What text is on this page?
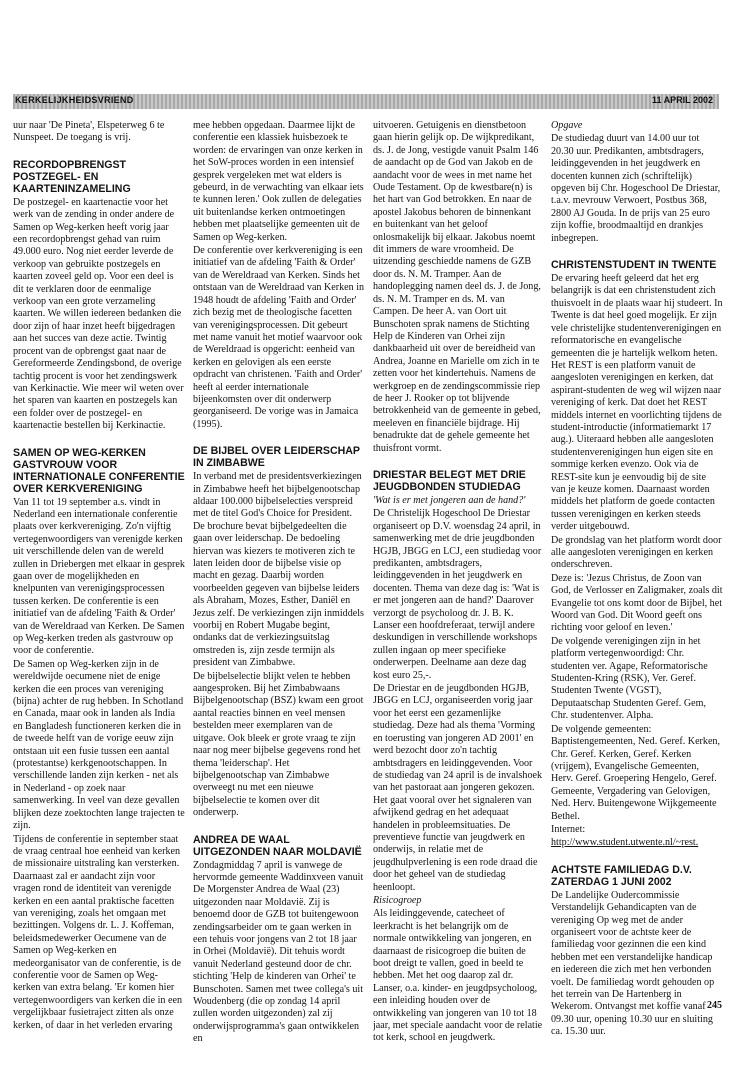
KERKELIJKHEIDSVRIEND	11 APRIL 2002

uur naar 'De Pineta', Elspeterweg 6 te Nunspeet. De toegang is vrij.

RECORDOPBRENGST POSTZEGEL- EN KAARTENINZAMELING

De postzegel- en kaartenactie voor het werk van de zending in onder andere de Samen op Weg-kerken heeft vorig jaar een recordopbrengst gehad van ruim 49.000 euro. Nog niet eerder leverde de verkoop van gebruikte postzegels en kaarten zoveel geld op. Voor een deel is dit te verklaren door de eenmalige verkoop van een grote verzameling kaarten. We willen iedereen bedanken die door zijn of haar inzet heeft bijgedragen aan het succes van deze actie. Twintig procent van de opbrengst gaat naar de Gereformeerde Zendingsbond, de overige tachtig procent is voor het zendingswerk van Kerkinactie. Wie meer wil weten over het sparen van kaarten en postzegels kan een folder over de postzegel- en kaartenactie bestellen bij Kerkinactie.

SAMEN OP WEG-KERKEN GASTVROUW VOOR INTERNATIONALE CONFERENTIE OVER KERKVERENIGING

Van 11 tot 19 september a.s. vindt in Nederland een internationale conferentie plaats over kerkvereniging. Zo'n vijftig vertegenwoordigers van verenigde kerken uit verschillende delen van de wereld zullen in Driebergen met elkaar in gesprek gaan over de mogelijkheden en knelpunten van verenigingsprocessen tussen kerken. De conferentie is een initiatief van de afdeling 'Faith & Order' van de Wereldraad van Kerken. De Samen op Weg-kerken treden als gastvrouw op voor de conferentie.

De Samen op Weg-kerken zijn in de wereldwijde oecumene niet de enige kerken die een proces van vereniging (bijna) achter de rug hebben. In Schotland en Canada, maar ook in landen als India en Bangladesh functioneren kerken die in de tweede helft van de vorige eeuw zijn ontstaan uit een fusie tussen een aantal (protestantse) kerkgenootschappen. In verschillende landen zijn kerken - net als in Nederland - op zoek naar samenwerking. In veel van deze gevallen blijken deze zoektochten lange trajecten te zijn.

Tijdens de conferentie in september staat de vraag centraal hoe eenheid van kerken de missionaire uitstraling kan versterken. Daarnaast zal er aandacht zijn voor vragen rond de identiteit van verenigde kerken en een aantal praktische facetten van vereniging, zoals het omgaan met bezittingen. Volgens dr. L. J. Koffeman, beleidsmedewerker Oecumene van de Samen op Weg-kerken en medeorganisator van de conferentie, is de conferentie voor de Samen op Weg-kerken van extra belang. 'Er komen hier vertegenwoordigers van kerken die in een vergelijkbaar fusietraject zitten als onze kerken, of daar in het verleden ervaring

mee hebben opgedaan. Daarmee lijkt de conferentie een klassiek huisbezoek te worden: de ervaringen van onze kerken in het SoW-proces worden in een intensief gesprek vergeleken met wat elders is gebeurd, in de verwachting van elkaar iets te kunnen leren.' Ook zullen de delegaties uit buitenlandse kerken ontmoetingen hebben met plaatselijke gemeenten uit de Samen op Weg-kerken.

De conferentie over kerkvereniging is een initiatief van de afdeling 'Faith & Order' van de Wereldraad van Kerken. Sinds het ontstaan van de Wereldraad van Kerken in 1948 houdt de afdeling 'Faith and Order' zich bezig met de theologische facetten van verenigingsprocessen. Dit gebeurt met name vanuit het motief waarvoor ook de Wereldraad is opgericht: eenheid van kerken en gelovigen als een eerste opdracht van christenen. 'Faith and Order' heeft al eerder internationale bijeenkomsten over dit onderwerp georganiseerd. De vorige was in Jamaica (1995).

DE BIJBEL OVER LEIDERSCHAP IN ZIMBABWE

In verband met de presidentsverkiezingen in Zimbabwe heeft het bijbelgenootschap aldaar 100.000 bijbelselecties verspreid met de titel God's Choice for President. De brochure bevat bijbelgedeelten die gaan over leiderschap. De bedoeling hiervan was kiezers te motiveren zich te laten leiden door de bijbelse visie op macht en gezag. Daarbij worden voorbeelden gegeven van bijbelse leiders als Abraham, Mozes, Esther, Daniël en Jezus zelf. De verkiezingen zijn inmiddels voorbij en Robert Mugabe begint, ondanks dat de verkiezingsuitslag omstreden is, zijn zesde termijn als president van Zimbabwe.

De bijbelselectie blijkt velen te hebben aangesproken. Bij het Zimbabwaans Bijbelgenootschap (BSZ) kwam een groot aantal reacties binnen en veel mensen bestelden meer exemplaren van de uitgave. Ook bleek er grote vraag te zijn naar nog meer bijbelse gegevens rond het thema 'leiderschap'. Het bijbelgenootschap van Zimbabwe overweegt nu met een nieuwe bijbelselectie te komen over dit onderwerp.

ANDREA DE WAAL UITGEZONDEN NAAR MOLDAVIË

Zondagmiddag 7 april is vanwege de hervormde gemeente Waddinxveen vanuit De Morgenster Andrea de Waal (23) uitgezonden naar Moldavië. Zij is benoemd door de GZB tot buitengewoon zendingsarbeider om te gaan werken in een tehuis voor jongens van 2 tot 18 jaar in Orhei (Moldavië). Dit tehuis wordt vanuit Nederland gesteund door de chr. stichting 'Help de kinderen van Orhei' te Bunschoten. Samen met twee collega's uit Woudenberg (die op zondag 14 april zullen worden uitgezonden) zal zij onderwijsprogramma's gaan ontwikkelen en

uitvoeren. Getuigenis en dienstbetoon gaan hierin gelijk op. De wijkpredikant, ds. J. de Jong, vestigde vanuit Psalm 146 de aandacht op de God van Jakob en de aandacht voor de wees in met name het Oude Testament. Op de kwestbare(n) is het hart van God betrokken. En naar de apostel Jakobus behoren de binnenkant en buitenkant van het geloof onlosmakelijk bij elkaar. Jakobus noemt dit immers de ware vroomheid. De uitzending geschiedde namens de GZB door ds. N. M. Tramper. Aan de handoplegging namen deel ds. J. de Jong, ds. N. M. Tramper en ds. M. van Campen. De heer A. van Oort uit Bunschoten sprak namens de Stichting Help de Kinderen van Orhei zijn dankbaarheid uit over de bereidheid van Andrea, Joanne en Marielle om zich in te zetten voor het kindertehuis. Namens de werkgroep en de zendingscommissie riep de heer J. Rooker op tot blijvende betrokkenheid van de gemeente in gebed, meeleven en financiële bijdrage. Hij benadrukte dat de gehele gemeente het thuisfront vormt.

DRIESTAR BELEGT MET DRIE JEUGDBONDEN STUDIEDAG

'Wat is er met jongeren aan de hand?'

De Christelijk Hogeschool De Driestar organiseert op D.V. woensdag 24 april, in samenwerking met de drie jeugdbonden HGJB, JBGG en LCJ, een studiedag voor predikanten, ambtsdragers, leidinggevenden in het jeugdwerk en docenten. Thema van deze dag is: 'Wat is er met jongeren aan de hand?' Daarover verzorgt de psycholoog dr. J. B. K. Lanser een hoofdreferaat, terwijl andere deskundigen in verschillende workshops zullen ingaan op meer specifieke onderwerpen. Deelname aan deze dag kost euro 25,-.

De Driestar en de jeugdbonden HGJB, JBGG en LCJ, organiseerden vorig jaar voor het eerst een gezamenlijke studiedag. Deze had als thema 'Vorming en toerusting van jongeren AD 2001' en werd bezocht door zo'n tachtig ambtsdragers en leidinggevenden. Voor de studiedag van 24 april is de invalshoek van het pastoraat aan jongeren gekozen. Het gaat vooral over het signaleren van afwijkend gedrag en het adequaat handelen in probleemsituaties. De preventieve functie van jeugdwerk en onderwijs, in relatie met de jeugdhulpverlening is een rode draad die door het geheel van de studiedag heenloopt.

Risicogroep

Als leidinggevende, catecheet of leerkracht is het belangrijk om de normale ontwikkeling van jongeren, en daarnaast de risicogroep die buiten de boot dreigt te vallen, goed in beeld te hebben. Met het oog daarop zal dr. Lanser, o.a. kinder- en jeugdpsycholoog, een inleiding houden over de ontwikkeling van jongeren van 10 tot 18 jaar, met speciale aandacht voor de relatie tot kerk, school en jeugdwerk.

Opgave

De studiedag duurt van 14.00 uur tot 20.30 uur. Predikanten, ambtsdragers, leidinggevenden in het jeugdwerk en docenten kunnen zich (schriftelijk) opgeven bij Chr. Hogeschool De Driestar, t.a.v. mevrouw Verwoert, Postbus 368, 2800 AJ Gouda. In de prijs van 25 euro zijn koffie, broodmaaltijd en drankjes inbegrepen.

CHRISTENSTUDENT IN TWENTE

De ervaring heeft geleerd dat het erg belangrijk is dat een christenstudent zich thuisvoelt in de plaats waar hij studeert. In Twente is dat heel goed mogelijk. Er zijn vele christelijke studentenverenigingen en reformatorische en evangelische gemeenten die je hartelijk welkom heten. Het REST is een platform vanuit de aangesloten verenigingen en kerken, dat aspirant-studenten de weg wil wijzen naar vereniging of kerk. Dat doet het REST middels internet en voorlichting tijdens de student-introductie (informatiemarkt 17 aug.). Uiteraard hebben alle aangesloten studentenverenigingen hun eigen site en sommige kerken evenzo. Ook via de REST-site kun je eenvoudig bij de site van je keuze komen. Daarnaast worden middels het platform de goede contacten tussen verenigingen en kerken steeds verder uitgebouwd.

De grondslag van het platform wordt door alle aangesloten verenigingen en kerken onderschreven.

Deze is: 'Jezus Christus, de Zoon van God, de Verlosser en Zaligmaker, zoals dit Evangelie tot ons komt door de Bijbel, het Woord van God. Dit Woord geeft ons richting voor geloof en leven.'

De volgende verenigingen zijn in het platform vertegenwoordigd: Chr. studenten ver. Agape, Reformatorische Studenten-Kring (RSK), Ver. Geref. Studenten Twente (VGST), Deputaatschap Studenten Geref. Gem, Chr. studentenver. Alpha.

De volgende gemeenten: Baptistengemeenten, Ned. Geref. Kerken, Chr. Geref. Kerken, Geref. Kerken (vrijgem), Evangelische Gemeenten, Herv. Geref. Groepering Hengelo, Geref. Gemeente, Vergadering van Gelovigen, Ned. Herv. Buitengewone Wijkgemeente Bethel.

Internet:

http://www.student.utwente.nl/~rest.

ACHTSTE FAMILIEDAG D.V. ZATERDAG 1 JUNI 2002

De Landelijke Oudercommissie Verstandelijk Gehandicapten van de vereniging Op weg met de ander organiseert voor de achtste keer de familiedag voor gezinnen die een kind hebben met een verstandelijke handicap en iedereen die zich met hen verbonden voelt. De familiedag wordt gehouden op het terrein van De Hartenberg in Wekerom. Ontvangst met koffie vanaf 09.30 uur, opening 10.30 uur en sluiting ca. 15.30 uur.

245
